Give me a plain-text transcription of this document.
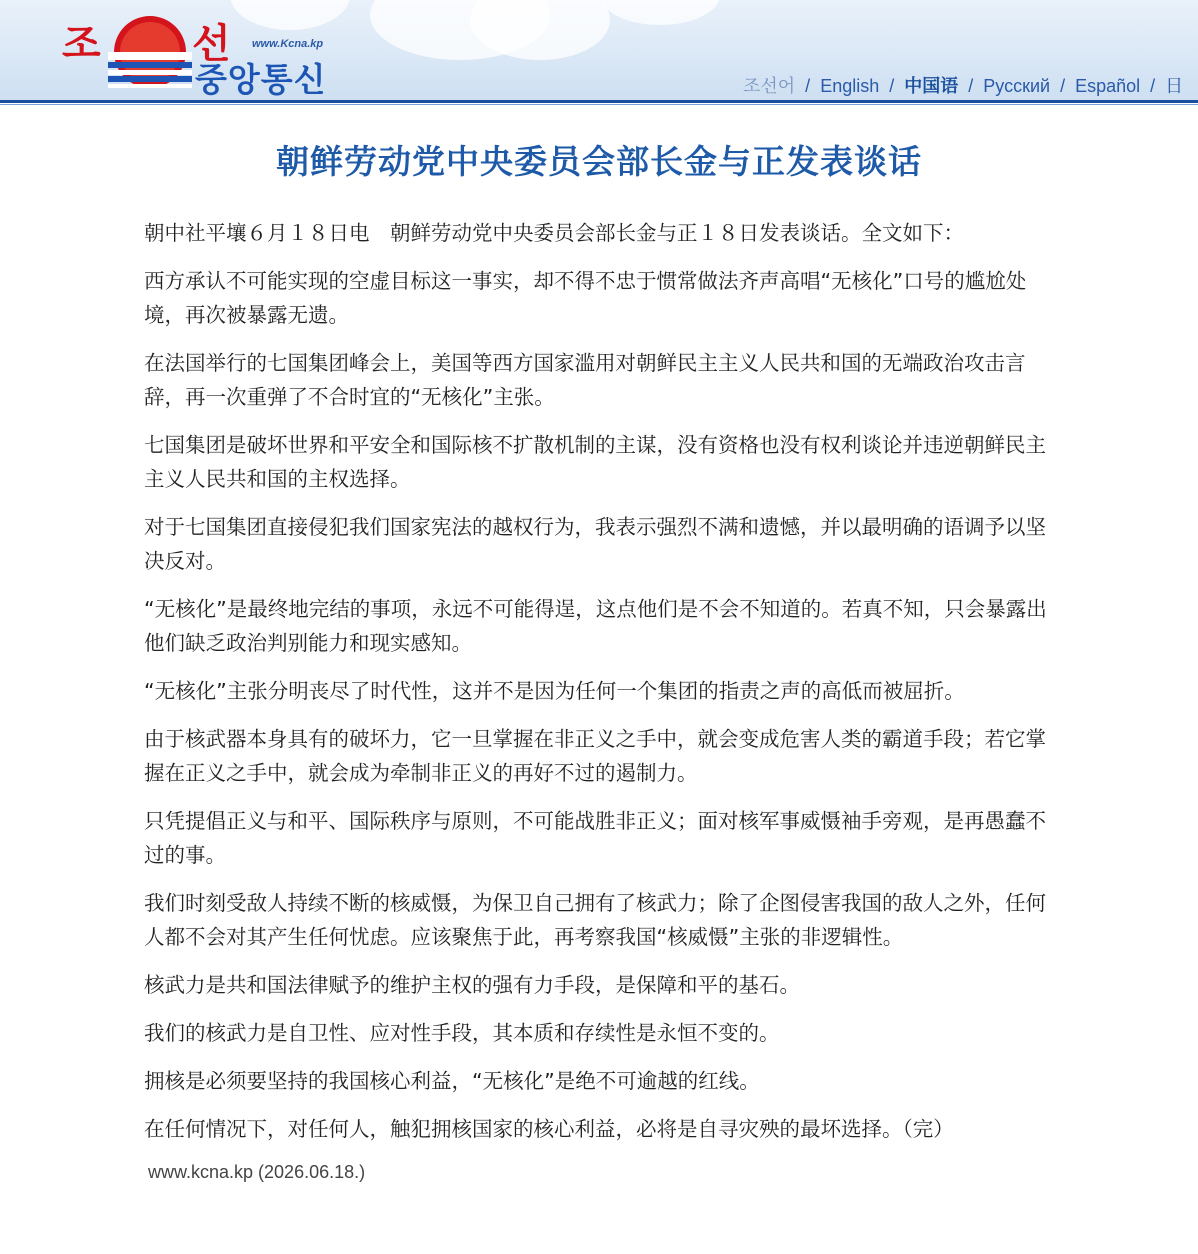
조 선 www.Kcna.kp
중앙통신	조선어 / English / 中国语 / Русский / Español / 日
朝鲜劳动党中央委员会部长金与正发表谈话

朝中社平壤６月１８日电　朝鲜劳动党中央委员会部长金与正１８日发表谈话。全文如下：

西方承认不可能实现的空虚目标这一事实，却不得不忠于惯常做法齐声高唱“无核化”口号的尴尬处境，再次被暴露无遗。

在法国举行的七国集团峰会上，美国等西方国家滥用对朝鲜民主主义人民共和国的无端政治攻击言辞，再一次重弹了不合时宜的“无核化”主张。

七国集团是破坏世界和平安全和国际核不扩散机制的主谋，没有资格也没有权利谈论并违逆朝鲜民主主义人民共和国的主权选择。

对于七国集团直接侵犯我们国家宪法的越权行为，我表示强烈不满和遗憾，并以最明确的语调予以坚决反对。

“无核化”是最终地完结的事项，永远不可能得逞，这点他们是不会不知道的。若真不知，只会暴露出他们缺乏政治判别能力和现实感知。

“无核化”主张分明丧尽了时代性，这并不是因为任何一个集团的指责之声的高低而被屈折。

由于核武器本身具有的破坏力，它一旦掌握在非正义之手中，就会变成危害人类的霸道手段；若它掌握在正义之手中，就会成为牵制非正义的再好不过的遏制力。

只凭提倡正义与和平、国际秩序与原则，不可能战胜非正义；面对核军事威慑袖手旁观，是再愚蠢不过的事。

我们时刻受敌人持续不断的核威慑，为保卫自己拥有了核武力；除了企图侵害我国的敌人之外，任何人都不会对其产生任何忧虑。应该聚焦于此，再考察我国“核威慑”主张的非逻辑性。

核武力是共和国法律赋予的维护主权的强有力手段，是保障和平的基石。

我们的核武力是自卫性、应对性手段，其本质和存续性是永恒不变的。

拥核是必须要坚持的我国核心利益，“无核化”是绝不可逾越的红线。

在任何情况下，对任何人，触犯拥核国家的核心利益，必将是自寻灾殃的最坏选择。（完）

www.kcna.kp (2026.06.18.)
